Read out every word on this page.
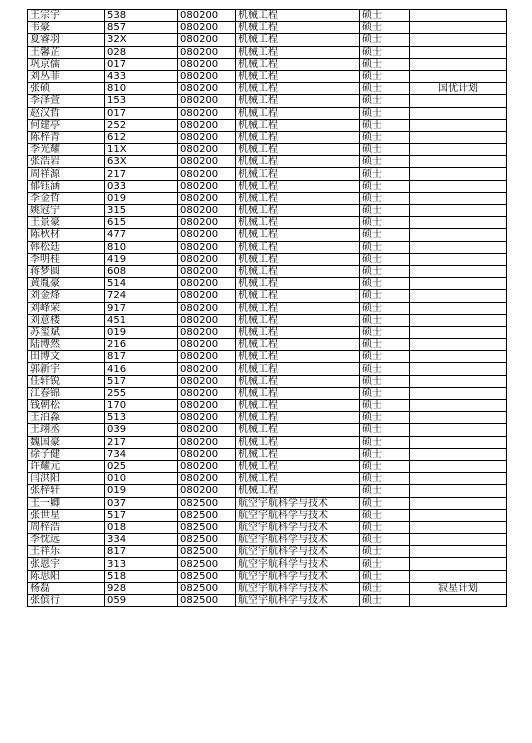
王宗宇	538	080200	机械工程	硕士	
韦豪	857	080200	机械工程	硕士	
夏睿羽	32X	080200	机械工程	硕士	
王馨芷	028	080200	机械工程	硕士	
巩京儒	017	080200	机械工程	硕士	
刘丛菲	433	080200	机械工程	硕士	
张硕	810	080200	机械工程	硕士	国优计划
李泽萱	153	080200	机械工程	硕士	
赵汉哲	017	080200	机械工程	硕士	
何建亭	252	080200	机械工程	硕士	
陈梓青	612	080200	机械工程	硕士	
李光耀	11X	080200	机械工程	硕士	
张浩岩	63X	080200	机械工程	硕士	
周祥源	217	080200	机械工程	硕士	
郁钰涵	033	080200	机械工程	硕士	
李金哲	019	080200	机械工程	硕士	
姚冠宁	315	080200	机械工程	硕士	
王景豪	615	080200	机械工程	硕士	
陈秋材	477	080200	机械工程	硕士	
韩松廷	810	080200	机械工程	硕士	
李明桂	419	080200	机械工程	硕士	
蒋梦圆	608	080200	机械工程	硕士	
黄胤豪	514	080200	机械工程	硕士	
刘金烽	724	080200	机械工程	硕士	
刘峰荣	917	080200	机械工程	硕士	
刘意楼	451	080200	机械工程	硕士	
苏玺斌	019	080200	机械工程	硕士	
陆博然	216	080200	机械工程	硕士	
田博文	817	080200	机械工程	硕士	
郭新宇	416	080200	机械工程	硕士	
任轩锐	517	080200	机械工程	硕士	
江春锦	255	080200	机械工程	硕士	
钱朝松	170	080200	机械工程	硕士	
王泊淼	513	080200	机械工程	硕士	
王翊丞	039	080200	机械工程	硕士	
魏国豪	217	080200	机械工程	硕士	
徐子健	734	080200	机械工程	硕士	
许耀元	025	080200	机械工程	硕士	
闫洪阳	010	080200	机械工程	硕士	
张梓轩	019	080200	机械工程	硕士	
王一卿	037	082500	航空宇航科学与技术	硕士	
张世星	517	082500	航空宇航科学与技术	硕士	
周梓浩	018	082500	航空宇航科学与技术	硕士	
李忱远	334	082500	航空宇航科学与技术	硕士	
王祥乐	817	082500	航空宇航科学与技术	硕士	
张恩宇	313	082500	航空宇航科学与技术	硕士	
陈思阳	518	082500	航空宇航科学与技术	硕士	
杨磊	928	082500	航空宇航科学与技术	硕士	寂星计划
张傧行	059	082500	航空宇航科学与技术	硕士	
